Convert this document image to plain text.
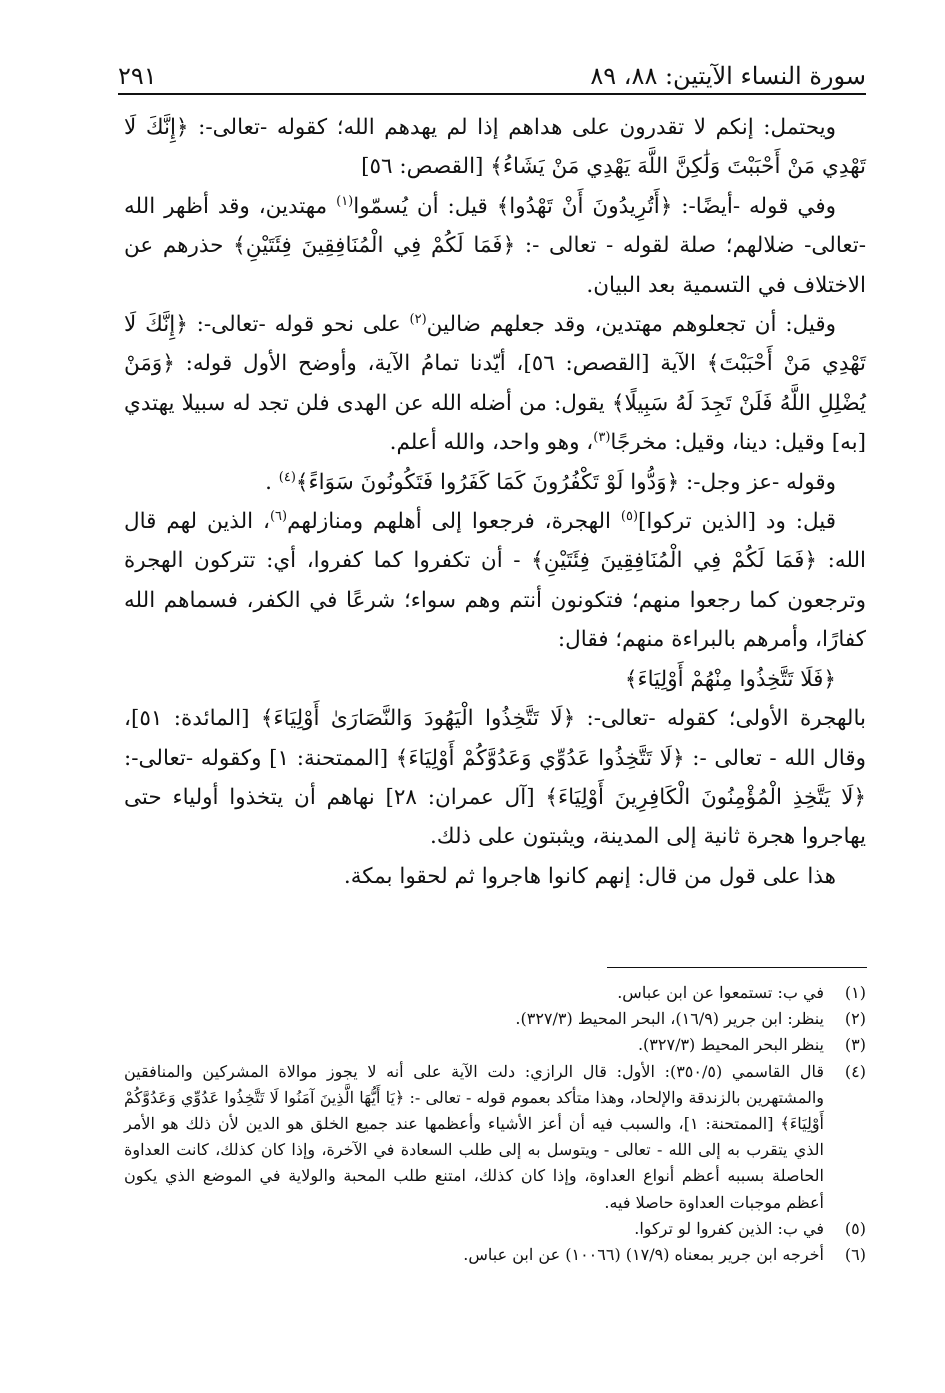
سورة النساء الآيتين: ٨٨، ٨٩
٢٩١

ويحتمل: إنكم لا تقدرون على هداهم إذا لم يهدهم الله؛ كقوله -تعالى-: ﴿إِنَّكَ لَا تَهْدِي مَنْ أَحْبَبْتَ وَلَٰكِنَّ اللَّهَ يَهْدِي مَنْ يَشَاءُ﴾ [القصص: ٥٦]

وفي قوله -أيضًا-: ﴿أَتُرِيدُونَ أَنْ تَهْدُوا﴾ قيل: أن يُسمّوا$^{(١)}$ مهتدين، وقد أظهر الله -تعالى- ضلالهم؛ صلة لقوله - تعالى -: ﴿فَمَا لَكُمْ فِي الْمُنَافِقِينَ فِئَتَيْنِ﴾ حذرهم عن الاختلاف في التسمية بعد البيان.

وقيل: أن تجعلوهم مهتدين، وقد جعلهم ضالين$^{(٢)}$ على نحو قوله -تعالى-: ﴿إِنَّكَ لَا تَهْدِي مَنْ أَحْبَبْتَ﴾ الآية [القصص: ٥٦]، أيّدنا تمامُ الآية، وأوضح الأول قوله: ﴿وَمَنْ يُضْلِلِ اللَّهُ فَلَنْ تَجِدَ لَهُ سَبِيلًا﴾ يقول: من أضله الله عن الهدى فلن تجد له سبيلا يهتدي [به] وقيل: دينا، وقيل: مخرجًا$^{(٣)}$، وهو واحد، والله أعلم.

وقوله -عز وجل-: ﴿وَدُّوا لَوْ تَكْفُرُونَ كَمَا كَفَرُوا فَتَكُونُونَ سَوَاءً﴾$^{(٤)}$ .

قيل: ود [الذين تركوا]$^{(٥)}$ الهجرة، فرجعوا إلى أهلهم ومنازلهم$^{(٦)}$، الذين لهم قال الله: ﴿فَمَا لَكُمْ فِي الْمُنَافِقِينَ فِئَتَيْنِ﴾ - أن تكفروا كما كفروا، أي: تتركون الهجرة وترجعون كما رجعوا منهم؛ فتكونون أنتم وهم سواء؛ شرعًا في الكفر، فسماهم الله كفارًا، وأمرهم بالبراءة منهم؛ فقال:

﴿فَلَا تَتَّخِذُوا مِنْهُمْ أَوْلِيَاءَ﴾

بالهجرة الأولى؛ كقوله -تعالى-: ﴿لَا تَتَّخِذُوا الْيَهُودَ وَالنَّصَارَىٰ أَوْلِيَاءَ﴾ [المائدة: ٥١]، وقال الله - تعالى -: ﴿لَا تَتَّخِذُوا عَدُوِّي وَعَدُوَّكُمْ أَوْلِيَاءَ﴾ [الممتحنة: ١] وكقوله -تعالى-: ﴿لَا يَتَّخِذِ الْمُؤْمِنُونَ الْكَافِرِينَ أَوْلِيَاءَ﴾ [آل عمران: ٢٨] نهاهم أن يتخذوا أولياء حتى يهاجروا هجرة ثانية إلى المدينة، ويثبتون على ذلك.

هذا على قول من قال: إنهم كانوا هاجروا ثم لحقوا بمكة.

(١)
في ب: تستمعوا عن ابن عباس.
(٢)
ينظر: ابن جرير (١٦/٩)، البحر المحيط (٣٢٧/٣).
(٣)
ينظر البحر المحيط (٣٢٧/٣).
(٤)
قال القاسمي (٣٥٠/٥): الأول: قال الرازي: دلت الآية على أنه لا يجوز موالاة المشركين والمنافقين والمشتهرين بالزندقة والإلحاد، وهذا متأكد بعموم قوله - تعالى -: ﴿يَا أَيُّهَا الَّذِينَ آمَنُوا لَا تَتَّخِذُوا عَدُوِّي وَعَدُوَّكُمْ أَوْلِيَاءَ﴾ [الممتحنة: ١]، والسبب فيه أن أعز الأشياء وأعظمها عند جميع الخلق هو الدين لأن ذلك هو الأمر الذي يتقرب به إلى الله - تعالى - ويتوسل به إلى طلب السعادة في الآخرة، وإذا كان كذلك، كانت العداوة الحاصلة بسببه أعظم أنواع العداوة، وإذا كان كذلك، امتنع طلب المحبة والولاية في الموضع الذي يكون أعظم موجبات العداوة حاصلا فيه.
(٥)
في ب: الذين كفروا لو تركوا.
(٦)
أخرجه ابن جرير بمعناه (١٧/٩) (١٠٠٦٦) عن ابن عباس.
